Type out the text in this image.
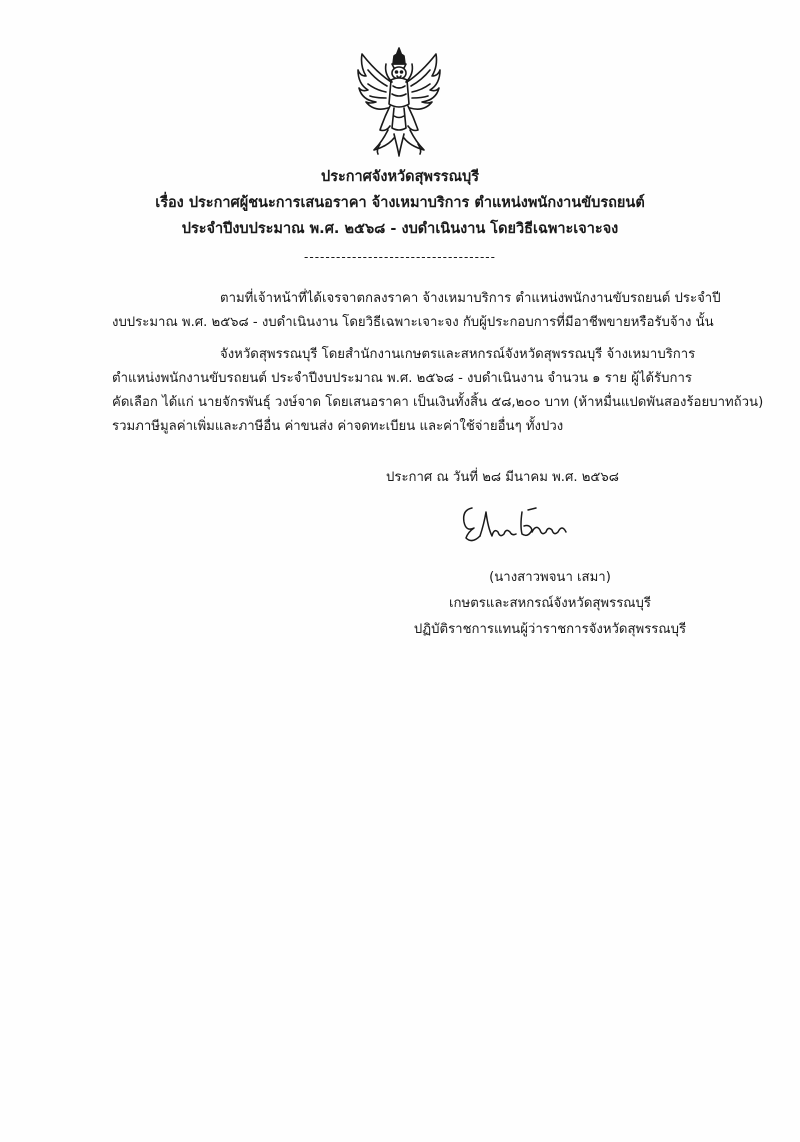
ประกาศจังหวัดสุพรรณบุรี
เรื่อง ประกาศผู้ชนะการเสนอราคา จ้างเหมาบริการ ตำแหน่งพนักงานขับรถยนต์
ประจำปีงบประมาณ พ.ศ. ๒๕๖๘ - งบดำเนินงาน โดยวิธีเฉพาะเจาะจง
------------------------------------
ตามที่เจ้าหน้าที่ได้เจรจาตกลงราคา จ้างเหมาบริการ ตำแหน่งพนักงานขับรถยนต์ ประจำปี
งบประมาณ พ.ศ. ๒๕๖๘ - งบดำเนินงาน โดยวิธีเฉพาะเจาะจง กับผู้ประกอบการที่มีอาชีพขายหรือรับจ้าง นั้น
จังหวัดสุพรรณบุรี โดยสำนักงานเกษตรและสหกรณ์จังหวัดสุพรรณบุรี จ้างเหมาบริการ
ตำแหน่งพนักงานขับรถยนต์ ประจำปีงบประมาณ พ.ศ. ๒๕๖๘ - งบดำเนินงาน จำนวน ๑ ราย ผู้ได้รับการ
คัดเลือก ได้แก่ นายจักรพันธุ์ วงษ์จาด โดยเสนอราคา เป็นเงินทั้งสิ้น ๕๘,๒๐๐ บาท (ห้าหมื่นแปดพันสองร้อยบาทถ้วน)
รวมภาษีมูลค่าเพิ่มและภาษีอื่น ค่าขนส่ง ค่าจดทะเบียน และค่าใช้จ่ายอื่นๆ ทั้งปวง
ประกาศ ณ วันที่ ๒๘ มีนาคม พ.ศ. ๒๕๖๘
(นางสาวพจนา เสมา)
เกษตรและสหกรณ์จังหวัดสุพรรณบุรี
ปฏิบัติราชการแทนผู้ว่าราชการจังหวัดสุพรรณบุรี
